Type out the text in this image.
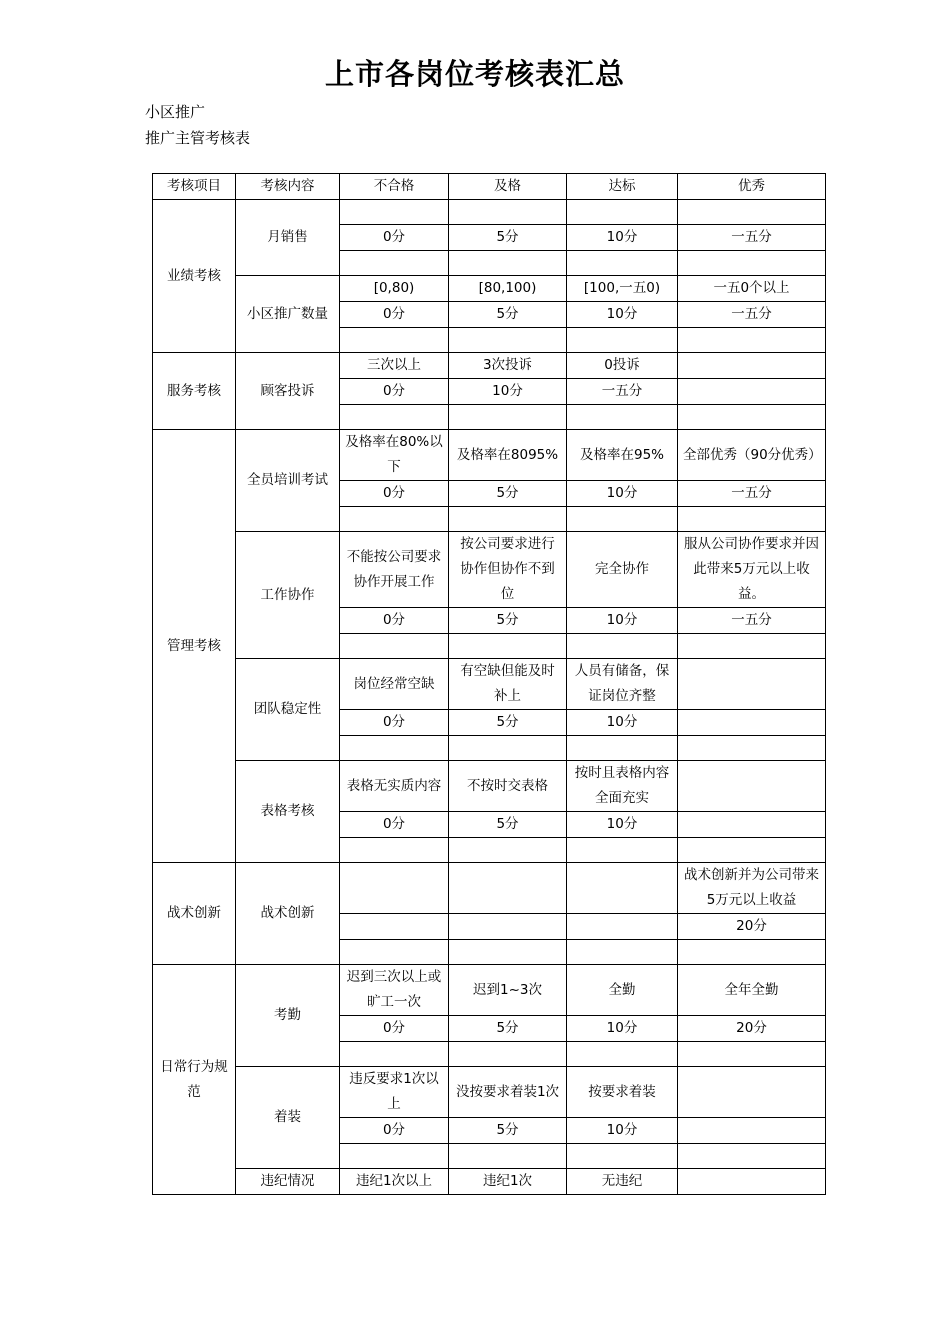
上市各岗位考核表汇总
小区推广
推广主管考核表
考核项目	考核内容	不合格	及格	达标	优秀
业绩考核	月销售				
		0分	5分	10分	一五分

	小区推广数量	[0,80)	[80,100)	[100,一五0)	一五0个以上
		0分	5分	10分	一五分

服务考核	顾客投诉	三次以上	3次投诉	0投诉	
		0分	10分	一五分	

管理考核	全员培训考试	及格率在80%以下	及格率在8095%	及格率在95%	全部优秀（90分优秀）
		0分	5分	10分	一五分

	工作协作	不能按公司要求协作开展工作	按公司要求进行协作但协作不到位	完全协作	服从公司协作要求并因此带来5万元以上收益。
		0分	5分	10分	一五分

	团队稳定性	岗位经常空缺	有空缺但能及时补上	人员有储备，保证岗位齐整	
		0分	5分	10分	

	表格考核	表格无实质内容	不按时交表格	按时且表格内容全面充实	
		0分	5分	10分	

战术创新	战术创新				战术创新并为公司带来5万元以上收益
					20分

日常行为规范	考勤	迟到三次以上或旷工一次	迟到1~3次	全勤	全年全勤
		0分	5分	10分	20分

	着装	违反要求1次以上	没按要求着装1次	按要求着装	
		0分	5分	10分	

	违纪情况	违纪1次以上	违纪1次	无违纪	
